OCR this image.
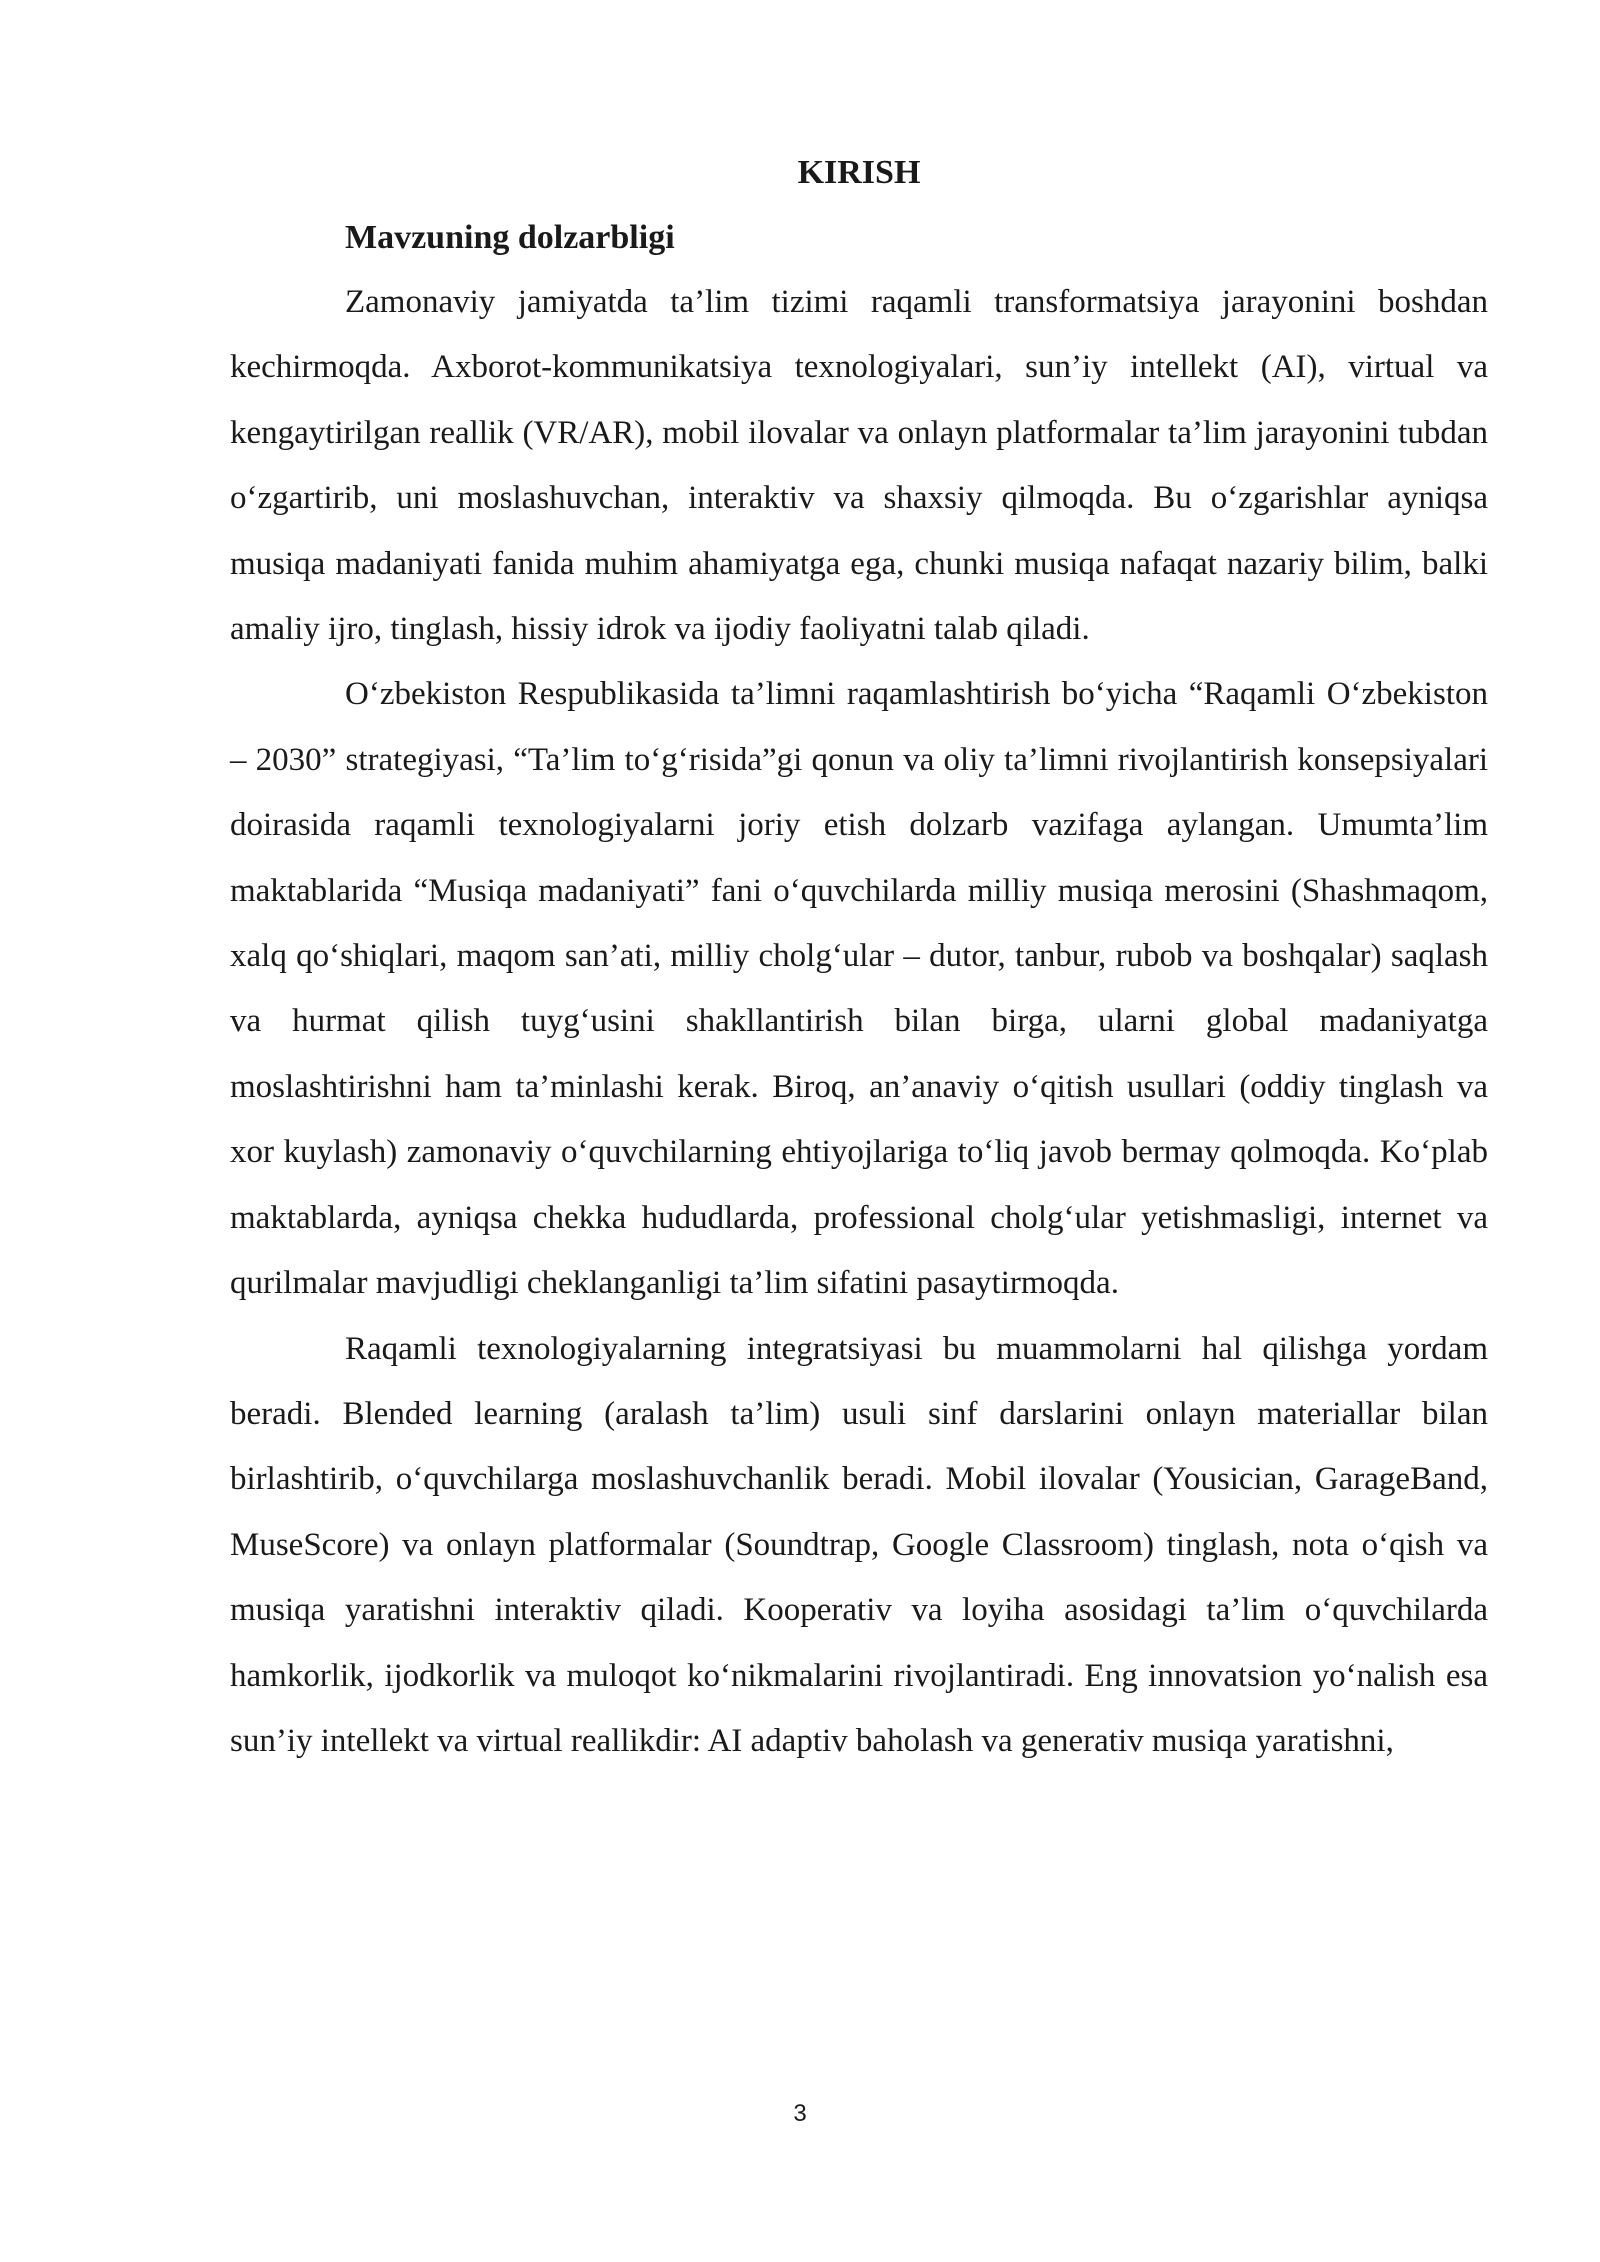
KIRISH
Mavzuning dolzarbligi

Zamonaviy jamiyatda ta’lim tizimi raqamli transformatsiya jarayonini boshdan kechirmoqda. Axborot-kommunikatsiya texnologiyalari, sun’iy intellekt (AI), virtual va kengaytirilgan reallik (VR/AR), mobil ilovalar va onlayn platformalar ta’lim jarayonini tubdan o‘zgartirib, uni moslashuvchan, interaktiv va shaxsiy qilmoqda. Bu o‘zgarishlar ayniqsa musiqa madaniyati fanida muhim ahamiyatga ega, chunki musiqa nafaqat nazariy bilim, balki amaliy ijro, tinglash, hissiy idrok va ijodiy faoliyatni talab qiladi.

O‘zbekiston Respublikasida ta’limni raqamlashtirish bo‘yicha “Raqamli O‘zbekiston – 2030” strategiyasi, “Ta’lim to‘g‘risida”gi qonun va oliy ta’limni rivojlantirish konsepsiyalari doirasida raqamli texnologiyalarni joriy etish dolzarb vazifaga aylangan. Umumta’lim maktablarida “Musiqa madaniyati” fani o‘quvchilarda milliy musiqa merosini (Shashmaqom, xalq qo‘shiqlari, maqom san’ati, milliy cholg‘ular – dutor, tanbur, rubob va boshqalar) saqlash va hurmat qilish tuyg‘usini shakllantirish bilan birga, ularni global madaniyatga moslashtirishni ham ta’minlashi kerak. Biroq, an’anaviy o‘qitish usullari (oddiy tinglash va xor kuylash) zamonaviy o‘quvchilarning ehtiyojlariga to‘liq javob bermay qolmoqda. Ko‘plab maktablarda, ayniqsa chekka hududlarda, professional cholg‘ular yetishmasligi, internet va qurilmalar mavjudligi cheklanganligi ta’lim sifatini pasaytirmoqda.

Raqamli texnologiyalarning integratsiyasi bu muammolarni hal qilishga yordam beradi. Blended learning (aralash ta’lim) usuli sinf darslarini onlayn materiallar bilan birlashtirib, o‘quvchilarga moslashuvchanlik beradi. Mobil ilovalar (Yousician, GarageBand, MuseScore) va onlayn platformalar (Soundtrap, Google Classroom) tinglash, nota o‘qish va musiqa yaratishni interaktiv qiladi. Kooperativ va loyiha asosidagi ta’lim o‘quvchilarda hamkorlik, ijodkorlik va muloqot ko‘nikmalarini rivojlantiradi. Eng innovatsion yo‘nalish esa sun’iy intellekt va virtual reallikdir: AI adaptiv baholash va generativ musiqa yaratishni,

3
